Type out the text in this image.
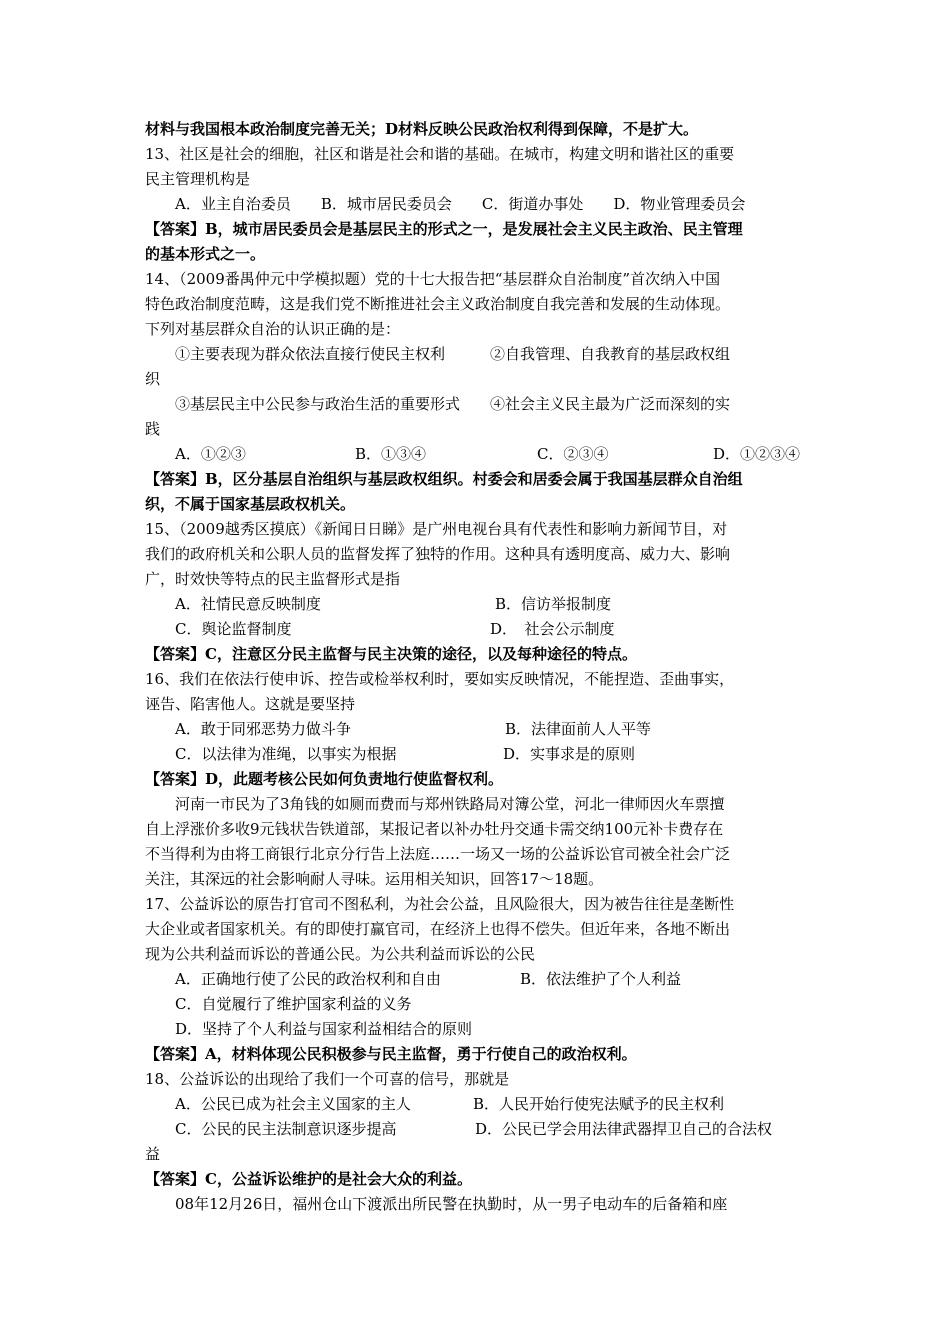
材料与我国根本政治制度完善无关；D材料反映公民政治权利得到保障，不是扩大。
13、社区是社会的细胞，社区和谐是社会和谐的基础。在城市，构建文明和谐社区的重要
民主管理机构是
A．业主自治委员　　B．城市居民委员会　　C．街道办事处　　D．物业管理委员会
【答案】B，城市居民委员会是基层民主的形式之一，是发展社会主义民主政治、民主管理
的基本形式之一。
14、（2009番禺仲元中学模拟题）党的十七大报告把“基层群众自治制度”首次纳入中国
特色政治制度范畴，这是我们党不断推进社会主义政治制度自我完善和发展的生动体现。
下列对基层群众自治的认识正确的是：
①主要表现为群众依法直接行使民主权利　　　②自我管理、自我教育的基层政权组
织
③基层民主中公民参与政治生活的重要形式　　④社会主义民主最为广泛而深刻的实
践
A．①②③	B．①③④	C．②③④	D．①②③④
【答案】B，区分基层自治组织与基层政权组织。村委会和居委会属于我国基层群众自治组
织，不属于国家基层政权机关。
15、（2009越秀区摸底）《新闻日日睇》是广州电视台具有代表性和影响力新闻节目，对
我们的政府机关和公职人员的监督发挥了独特的作用。这种具有透明度高、威力大、影响
广，时效快等特点的民主监督形式是指
A．社情民意反映制度	B．信访举报制度
C．舆论监督制度	D．　社会公示制度
【答案】C，注意区分民主监督与民主决策的途径，以及每种途径的特点。
16、我们在依法行使申诉、控告或检举权利时，要如实反映情况，不能捏造、歪曲事实，
诬告、陷害他人。这就是要坚持
A．敢于同邪恶势力做斗争	B．法律面前人人平等
C．以法律为准绳，以事实为根据	D．实事求是的原则
【答案】D，此题考核公民如何负责地行使监督权利。
河南一市民为了3角钱的如厕而费而与郑州铁路局对簿公堂，河北一律师因火车票擅
自上浮涨价多收9元钱状告铁道部，某报记者以补办牡丹交通卡需交纳100元补卡费存在
不当得利为由将工商银行北京分行告上法庭……一场又一场的公益诉讼官司被全社会广泛
关注，其深远的社会影响耐人寻味。运用相关知识，回答17～18题。
17、公益诉讼的原告打官司不图私利，为社会公益，且风险很大，因为被告往往是垄断性
大企业或者国家机关。有的即使打赢官司，在经济上也得不偿失。但近年来，各地不断出
现为公共利益而诉讼的普通公民。为公共利益而诉讼的公民
A．正确地行使了公民的政治权利和自由	B．依法维护了个人利益
C．自觉履行了维护国家利益的义务
D．坚持了个人利益与国家利益相结合的原则
【答案】A，材料体现公民积极参与民主监督，勇于行使自己的政治权利。
18、公益诉讼的出现给了我们一个可喜的信号，那就是
A．公民已成为社会主义国家的主人	B．人民开始行使宪法赋予的民主权利
C．公民的民主法制意识逐步提高	D．公民已学会用法律武器捍卫自己的合法权
益
【答案】C，公益诉讼维护的是社会大众的利益。
08年12月26日，福州仓山下渡派出所民警在执勤时，从一男子电动车的后备箱和座
